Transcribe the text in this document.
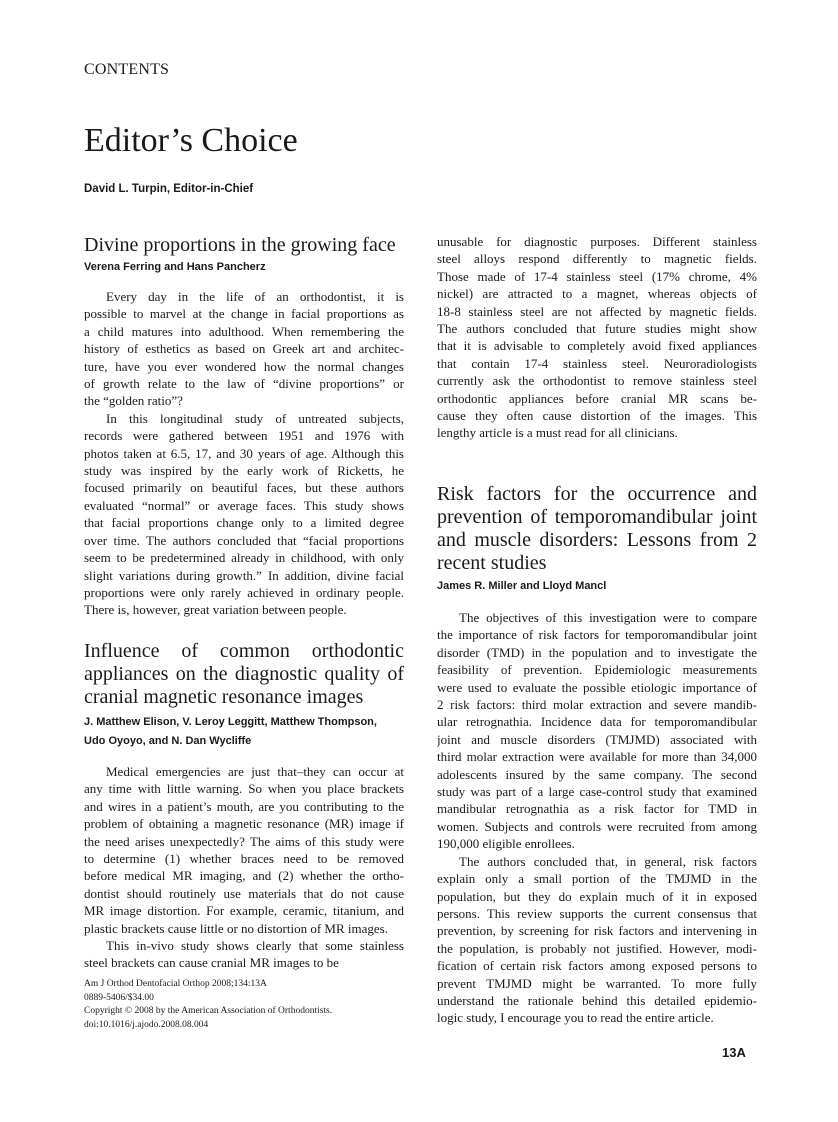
CONTENTS
Editor’s Choice
David L. Turpin, Editor-in-Chief
Divine proportions in the growing face
Verena Ferring and Hans Pancherz
Every day in the life of an orthodontist, it is
possible to marvel at the change in facial proportions as
a child matures into adulthood. When remembering the
history of esthetics as based on Greek art and architec-
ture, have you ever wondered how the normal changes
of growth relate to the law of “divine proportions” or
the “golden ratio”?
In this longitudinal study of untreated subjects,
records were gathered between 1951 and 1976 with
photos taken at 6.5, 17, and 30 years of age. Although this
study was inspired by the early work of Ricketts, he
focused primarily on beautiful faces, but these authors
evaluated “normal” or average faces. This study shows
that facial proportions change only to a limited degree
over time. The authors concluded that “facial proportions
seem to be predetermined already in childhood, with only
slight variations during growth.” In addition, divine facial
proportions were only rarely achieved in ordinary people.
There is, however, great variation between people.
Influence of common orthodontic
appliances on the diagnostic quality of
cranial magnetic resonance images
J. Matthew Elison, V. Leroy Leggitt, Matthew Thompson,
Udo Oyoyo, and N. Dan Wycliffe
Medical emergencies are just that–they can occur at
any time with little warning. So when you place brackets
and wires in a patient’s mouth, are you contributing to the
problem of obtaining a magnetic resonance (MR) image if
the need arises unexpectedly? The aims of this study were
to determine (1) whether braces need to be removed
before medical MR imaging, and (2) whether the ortho-
dontist should routinely use materials that do not cause
MR image distortion. For example, ceramic, titanium, and
plastic brackets cause little or no distortion of MR images.
This in-vivo study shows clearly that some stainless
steel brackets can cause cranial MR images to be
Am J Orthod Dentofacial Orthop 2008;134:13A
0889-5406/$34.00
Copyright © 2008 by the American Association of Orthodontists.
doi:10.1016/j.ajodo.2008.08.004
unusable for diagnostic purposes. Different stainless
steel alloys respond differently to magnetic fields.
Those made of 17-4 stainless steel (17% chrome, 4%
nickel) are attracted to a magnet, whereas objects of
18-8 stainless steel are not affected by magnetic fields.
The authors concluded that future studies might show
that it is advisable to completely avoid fixed appliances
that contain 17-4 stainless steel. Neuroradiologists
currently ask the orthodontist to remove stainless steel
orthodontic appliances before cranial MR scans be-
cause they often cause distortion of the images. This
lengthy article is a must read for all clinicians.
Risk factors for the occurrence and
prevention of temporomandibular joint
and muscle disorders: Lessons from 2
recent studies
James R. Miller and Lloyd Mancl
The objectives of this investigation were to compare
the importance of risk factors for temporomandibular joint
disorder (TMD) in the population and to investigate the
feasibility of prevention. Epidemiologic measurements
were used to evaluate the possible etiologic importance of
2 risk factors: third molar extraction and severe mandib-
ular retrognathia. Incidence data for temporomandibular
joint and muscle disorders (TMJMD) associated with
third molar extraction were available for more than 34,000
adolescents insured by the same company. The second
study was part of a large case-control study that examined
mandibular retrognathia as a risk factor for TMD in
women. Subjects and controls were recruited from among
190,000 eligible enrollees.
The authors concluded that, in general, risk factors
explain only a small portion of the TMJMD in the
population, but they do explain much of it in exposed
persons. This review supports the current consensus that
prevention, by screening for risk factors and intervening in
the population, is probably not justified. However, modi-
fication of certain risk factors among exposed persons to
prevent TMJMD might be warranted. To more fully
understand the rationale behind this detailed epidemio-
logic study, I encourage you to read the entire article.
13A
